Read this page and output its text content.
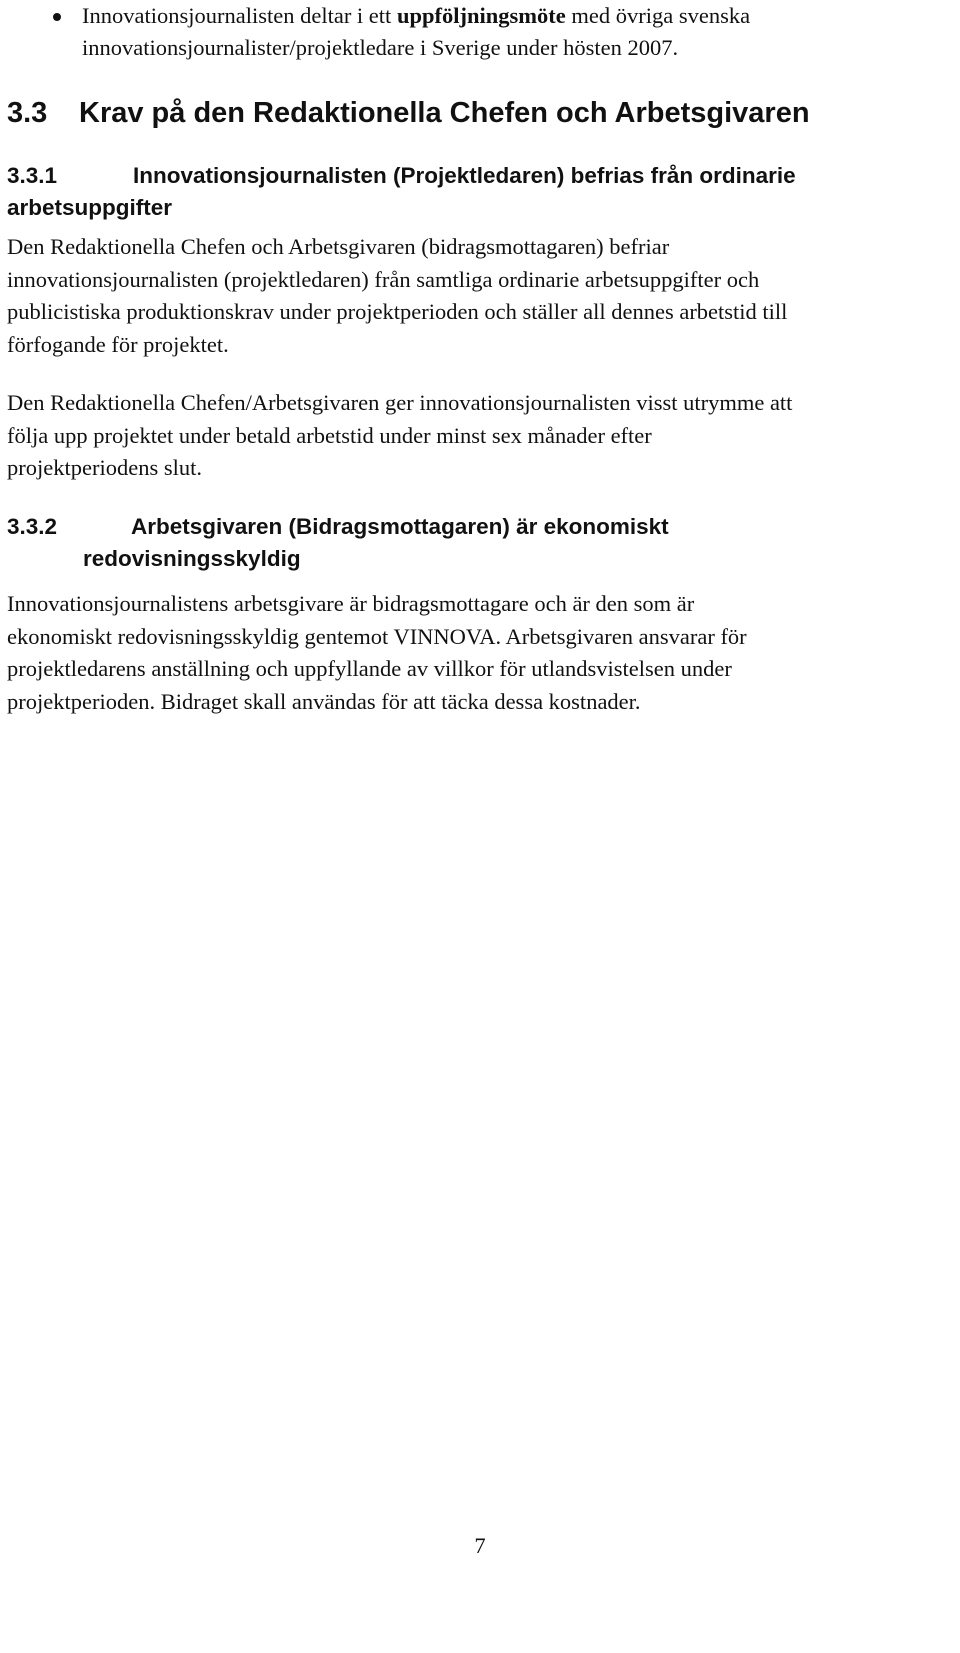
Innovationsjournalisten deltar i ett uppföljningsmöte med övriga svenska
innovationsjournalister/projektledare i Sverige under hösten 2007.
3.3 Krav på den Redaktionella Chefen och Arbetsgivaren
3.3.1	Innovationsjournalisten (Projektledaren) befrias från ordinarie
arbetsuppgifter
Den Redaktionella Chefen och Arbetsgivaren (bidragsmottagaren) befriar
innovationsjournalisten (projektledaren) från samtliga ordinarie arbetsuppgifter och
publicistiska produktionskrav under projektperioden och ställer all dennes arbetstid till
förfogande för projektet.
Den Redaktionella Chefen/Arbetsgivaren ger innovationsjournalisten visst utrymme att
följa upp projektet under betald arbetstid under minst sex månader efter
projektperiodens slut.
3.3.2	Arbetsgivaren (Bidragsmottagaren) är ekonomiskt
redovisningsskyldig
Innovationsjournalistens arbetsgivare är bidragsmottagare och är den som är
ekonomiskt redovisningsskyldig gentemot VINNOVA. Arbetsgivaren ansvarar för
projektledarens anställning och uppfyllande av villkor för utlandsvistelsen under
projektperioden. Bidraget skall användas för att täcka dessa kostnader.
7
